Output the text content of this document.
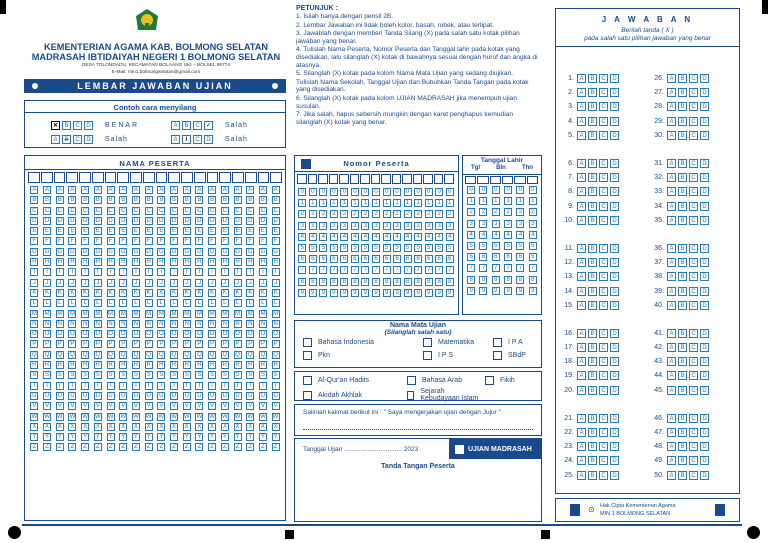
KEMENTERIAN AGAMA KAB. BOLMONG SELATAN
MADRASAH IBTIDAIYAH NEGERI 1 BOLMONG SELATAN
DESA TOLONDADU, KECAMATAN BOLAANG UKI – BOLSEL 95774
E-Mail: min1.bolmongselatan@gmail.com
LEMBAR JAWABAN UJIAN
Contoh cara menyilang
✕	B	C	D	BENAR
A	B	C	D	Salah
A	B	C	✓ Salah
A	/	C	D	Salah
NAMA PESERTA
A	A	A	A	A	A	A	A	A	A	A	A	A	A	A	A	A	A	A	A
B	B	B	B	B	B	B	B	B	B	B	B	B	B	B	B	B	B	B	B
C	C	C	C	C	C	C	C	C	C	C	C	C	C	C	C	C	C	C	C
D	D	D	D	D	D	D	D	D	D	D	D	D	D	D	D	D	D	D	D
E	E	E	E	E	E	E	E	E	E	E	E	E	E	E	E	E	E	E	E
F	F	F	F	F	F	F	F	F	F	F	F	F	F	F	F	F	F	F	F
G G G G G G G G G G G G G G G G G G G G
H	H	H	H	H	H	H	H	H	H	H	H	H	H	H	H	H	H	H	H
I	I	I	I	I	I	I	I	I	I	I	I	I	I	I	I	I	I	I	I
J	J	J	J	J	J	J	J	J	J	J	J	J	J	J	J	J	J	J	J
K	K	K	K	K	K	K	K	K	K	K	K	K	K	K	K	K	K	K	K
L	L	L	L	L	L	L	L	L	L	L	L	L	L	L	L	L	L	L	L
M M M M M M M M M M M M M M M M M M M M
N	N	N	N	N	N	N	N	N	N	N	N	N	N	N	N	N	N	N	N
O O O O O O O O O O O O O O O O O O O O
P	P	P	P	P	P	P	P	P	P	P	P	P	P	P	P	P	P	P	P
Q Q Q Q Q Q Q Q Q Q Q Q Q Q Q Q Q Q Q Q
R	R	R	R	R	R	R	R	R	R	R	R	R	R	R	R	R	R	R	R
S	S	S	S	S	S	S	S	S	S	S	S	S	S	S	S	S	S	S	S
T	T	T	T	T	T	T	T	T	T	T	T	T	T	T	T	T	T	T	T
U	U	U	U	U	U	U	U	U	U	U	U	U	U	U	U	U	U	U	U
V	V	V	V	V	V	V	V	V	V	V	V	V	V	V	V	V	V	V	V
W W W W W W W W W W W W W W W W W W W W
X	X	X	X	X	X	X	X	X	X	X	X	X	X	X	X	X	X	X	X
Y	Y	Y	Y	Y	Y	Y	Y	Y	Y	Y	Y	Y	Y	Y	Y	Y	Y	Y	Y
Z	Z	Z	Z	Z	Z	Z	Z	Z	Z	Z	Z	Z	Z	Z	Z	Z	Z	Z	Z
PETUNJUK :
1. Isilah hanya dengan pensil 2B.
2. Lembar Jawaban ini tidak boleh kotor, basah, robek, atau terlipat.
3. Jawablah dengan memberi Tanda Silang (X) pada salah satu kotak pilihan jawaban yang benar.
4. Tulislah Nama Peserta, Nomor Peserta dan Tanggal lahir pada kotak yang disediakan, lalu silanglah (X) kotak di bawahnya sesuai dengan huruf dan angka di atasnya.
5. Silanglah (X) kotak pada kolom Nama Mata Ujian yang sedang diujikan.
Tulislah Nama Sekolah, Tanggal Ujian dan Bubuhkan Tanda Tangan pada kotak yang disediakan.
6. Silanglah (X) kotak pada kolom UJIAN MADRASAH jika menempuh ujian susulan.
7. Jika salah, hapus sebersih mungkin dengan karet penghapus kemudian silanglah (X) kotak yang benar.
Nomor Peserta
0	0	0	0	0	0	0	0	0	0	0	0	0	0	0
1	1	1	1	1	1	1	1	1	1	1	1	1	1	1
2	2	2	2	2	2	2	2	2	2	2	2	2	2	2
3	3	3	3	3	3	3	3	3	3	3	3	3	3	3
4	4	4	4	4	4	4	4	4	4	4	4	4	4	4
5	5	5	5	5	5	5	5	5	5	5	5	5	5	5
6	6	6	6	6	6	6	6	6	6	6	6	6	6	6
7	7	7	7	7	7	7	7	7	7	7	7	7	7	7
8	8	8	8	8	8	8	8	8	8	8	8	8	8	8
9	9	9	9	9	9	9	9	9	9	9	9	9	9	9
Tanggal Lahir
Tgl	Bln	Thn
0	0	0	0	0	0
1	1	1	1	1	1
2	2	2	2	2	2
3	3	3	3	3	3
4	4	4	4	4	4
5	5	5	5	5	5
6	6	6	6	6	6
7	7	7	7	7	7
8	8	8	8	8	8
9	9	9	9	9	9
Nama Mata Ujian
(Silanglah salah satu)
Bahasa Indonesia	Matematika	I P A
Pkn	I P S	SBdP
Al-Qur'an Hadits	Bahasa Arab	Fikih
Akidah Akhlak	Sejarah Kebudayaan Islam
Salinlah kalimat berikut ini : " Saya mengerjakan ujian dengan Jujur "
Tanggal Ujian ................................ 2023	UJIAN MADRASAH
Tanda Tangan Peserta
J A W A B A N
Berilah tanda ( X )
pada salah satu pilihan jawaban yang benar
1. A	B	C	D
2. A	B	C	D
3. A	B	C	D
4. A	B	C	D
5. A	B	C	D
6. A	B	C	D
7. A	B	C	D
8. A	B	C	D
9. A	B	C	D
10. A	B	C	D
11. A	B	C	D
12. A	B	C	D
13. A	B	C	D
14. A	B	C	D
15. A	B	C	D
16. A	B	C	D
17. A	B	C	D
18. A	B	C	D
19. A	B	C	D
20. A	B	C	D
21. A	B	C	D
22. A	B	C	D
23. A	B	C	D
24. A	B	C	D
25. A	B	C	D
26. A	B	C	D
27. A	B	C	D
28. A	B	C	D
29. A	B	C	D
30. A	B	C	D
31. A	B	C	D
32. A	B	C	D
33. A	B	C	D
34. A	B	C	D
35. A	B	C	D
36. A	B	C	D
37. A	B	C	D
38. A	B	C	D
39. A	B	C	D
40. A	B	C	D
41. A	B	C	D
42. A	B	C	D
43. A	B	C	D
44. A	B	C	D
45. A	B	C	D
46. A	B	C	D
47. A	B	C	D
48. A	B	C	D
49. A	B	C	D
50. A	B	C	D
⊙ Hak Cipta Kementerian Agama
MIN 1 BOLMONG SELATAN
